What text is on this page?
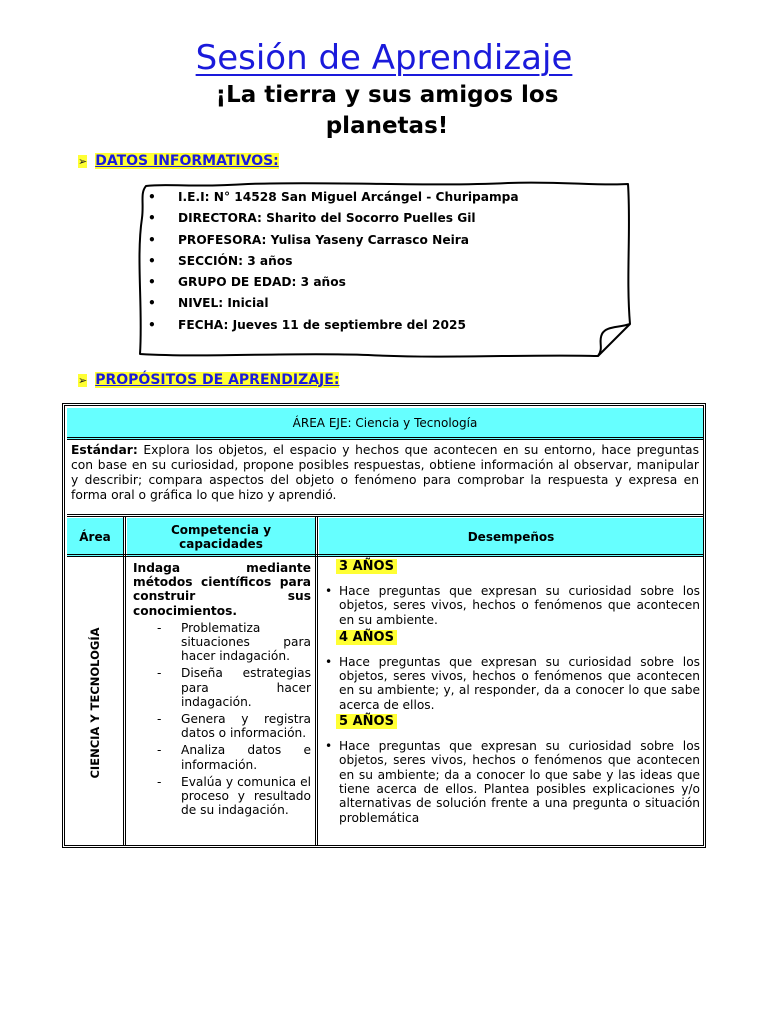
Sesión de Aprendizaje
¡La tierra y sus amigos los planetas!
➢ DATOS INFORMATIVOS:
• I.E.I: N° 14528 San Miguel Arcángel - Churipampa
• DIRECTORA: Sharito del Socorro Puelles Gil
• PROFESORA: Yulisa Yaseny Carrasco Neira
• SECCIÓN: 3 años
• GRUPO DE EDAD: 3 años
• NIVEL: Inicial
• FECHA: Jueves 11 de septiembre del 2025
➢ PROPÓSITOS DE APRENDIZAJE:
ÁREA EJE: Ciencia y Tecnología
Estándar: Explora los objetos, el espacio y hechos que acontecen en su entorno, hace preguntas con base en su curiosidad, propone posibles respuestas, obtiene información al observar, manipular y describir; compara aspectos del objeto o fenómeno para comprobar la respuesta y expresa en forma oral o gráfica lo que hizo y aprendió.
Área	Competencia y capacidades	Desempeños
CIENCIA Y TECNOLOGÍA
Indaga mediante métodos científicos para construir sus conocimientos.
- Problematiza situaciones para hacer indagación.
- Diseña estrategias para hacer indagación.
- Genera y registra datos o información.
- Analiza datos e información.
- Evalúa y comunica el proceso y resultado de su indagación.
3 AÑOS
• Hace preguntas que expresan su curiosidad sobre los objetos, seres vivos, hechos o fenómenos que acontecen en su ambiente.
4 AÑOS
• Hace preguntas que expresan su curiosidad sobre los objetos, seres vivos, hechos o fenómenos que acontecen en su ambiente; y, al responder, da a conocer lo que sabe acerca de ellos.
5 AÑOS
• Hace preguntas que expresan su curiosidad sobre los objetos, seres vivos, hechos o fenómenos que acontecen en su ambiente; da a conocer lo que sabe y las ideas que tiene acerca de ellos. Plantea posibles explicaciones y/o alternativas de solución frente a una pregunta o situación problemática
